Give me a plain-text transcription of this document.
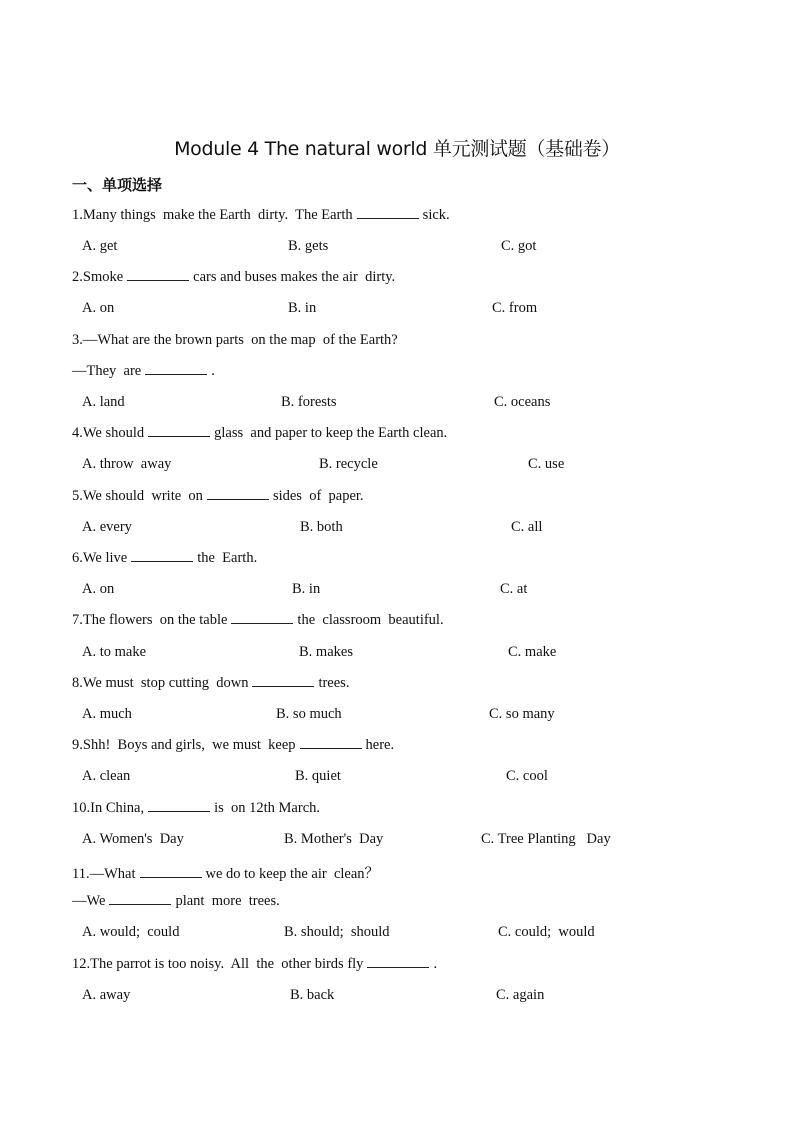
Module 4 The natural world 单元测试题（基础卷）
一、单项选择
1.Many things  make the Earth  dirty.  The Earth	sick.
A. get	B. gets	C. got
2.Smoke	cars and buses makes the air  dirty.
A. on	B. in	C. from
3.—What are the brown parts  on the map  of the Earth?
—They  are	.
A. land	B. forests	C. oceans
4.We should	glass  and paper to keep the Earth clean.
A. throw  away	B. recycle	C. use
5.We should  write  on	sides  of  paper.
A. every	B. both	C. all
6.We live	the  Earth.
A. on	B. in	C. at
7.The flowers  on the table	the  classroom  beautiful.
A. to make	B. makes	C. make
8.We must  stop cutting  down	trees.
A. much	B. so much	C. so many
9.Shh!  Boys and girls,  we must  keep	here.
A. clean	B. quiet	C. cool
10.In China,	is  on 12th March.
A. Women's  Day	B. Mother's  Day	C. Tree Planting   Day
11.—What	we do to keep the air  clean？
—We	plant  more  trees.
A. would;  could	B. should;  should	C. could;  would
12.The parrot is too noisy.  All  the  other birds fly	.
A. away	B. back	C. again
